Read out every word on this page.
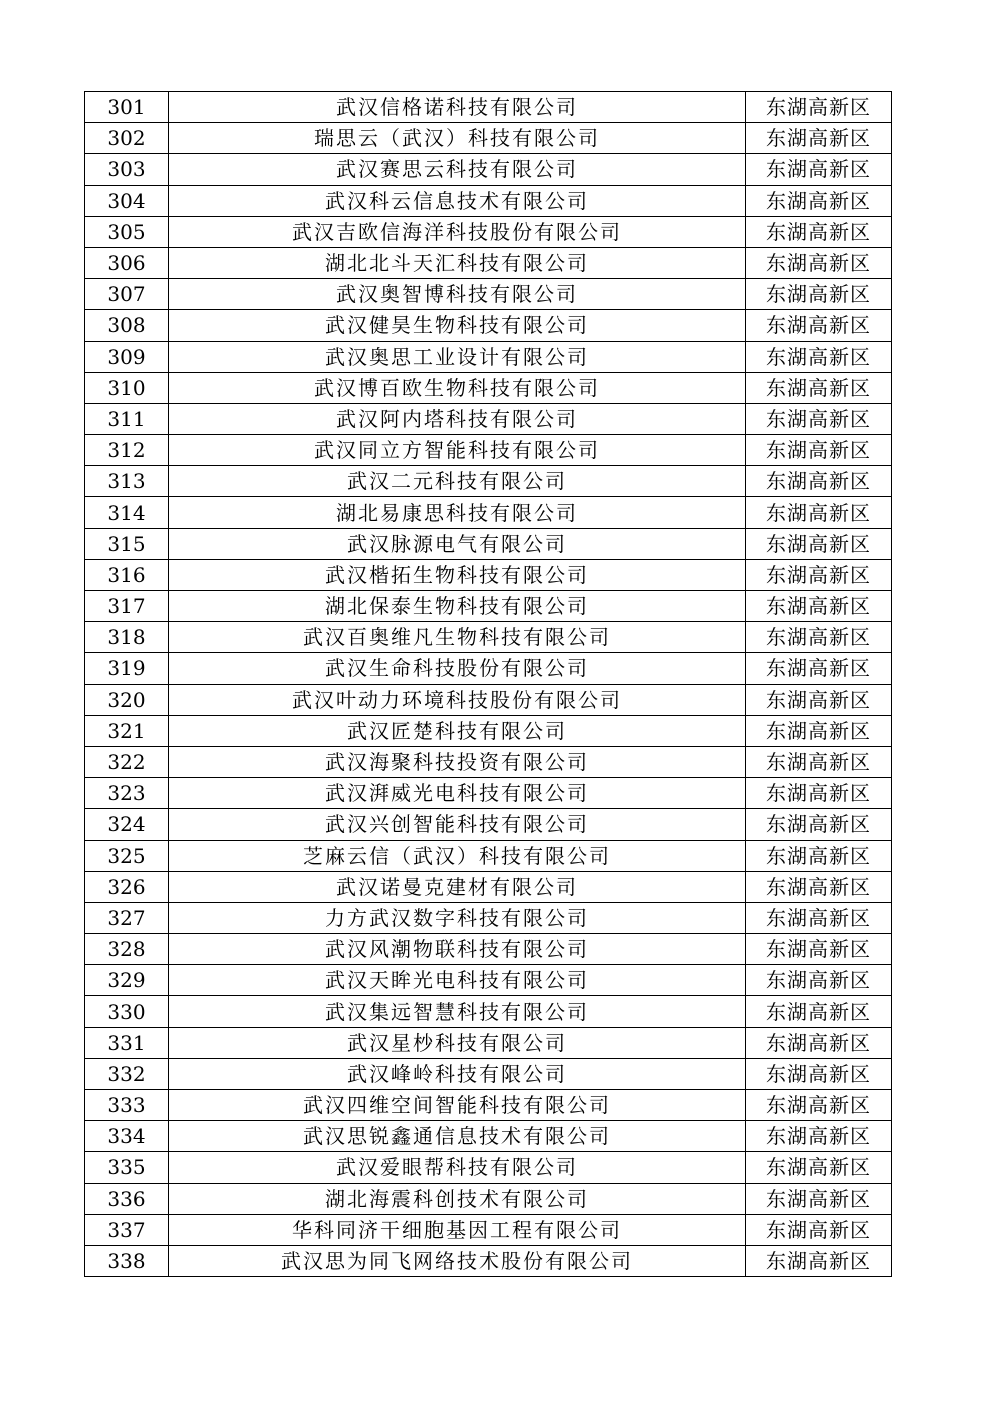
301	武汉信格诺科技有限公司	东湖高新区
302	瑞思云（武汉）科技有限公司	东湖高新区
303	武汉赛思云科技有限公司	东湖高新区
304	武汉科云信息技术有限公司	东湖高新区
305	武汉吉欧信海洋科技股份有限公司	东湖高新区
306	湖北北斗天汇科技有限公司	东湖高新区
307	武汉奥智博科技有限公司	东湖高新区
308	武汉健昊生物科技有限公司	东湖高新区
309	武汉奥思工业设计有限公司	东湖高新区
310	武汉博百欧生物科技有限公司	东湖高新区
311	武汉阿内塔科技有限公司	东湖高新区
312	武汉同立方智能科技有限公司	东湖高新区
313	武汉二元科技有限公司	东湖高新区
314	湖北易康思科技有限公司	东湖高新区
315	武汉脉源电气有限公司	东湖高新区
316	武汉楷拓生物科技有限公司	东湖高新区
317	湖北保泰生物科技有限公司	东湖高新区
318	武汉百奥维凡生物科技有限公司	东湖高新区
319	武汉生命科技股份有限公司	东湖高新区
320	武汉叶动力环境科技股份有限公司	东湖高新区
321	武汉匠楚科技有限公司	东湖高新区
322	武汉海聚科技投资有限公司	东湖高新区
323	武汉湃威光电科技有限公司	东湖高新区
324	武汉兴创智能科技有限公司	东湖高新区
325	芝麻云信（武汉）科技有限公司	东湖高新区
326	武汉诺曼克建材有限公司	东湖高新区
327	力方武汉数字科技有限公司	东湖高新区
328	武汉风潮物联科技有限公司	东湖高新区
329	武汉天眸光电科技有限公司	东湖高新区
330	武汉集远智慧科技有限公司	东湖高新区
331	武汉星杪科技有限公司	东湖高新区
332	武汉峰岭科技有限公司	东湖高新区
333	武汉四维空间智能科技有限公司	东湖高新区
334	武汉思锐鑫通信息技术有限公司	东湖高新区
335	武汉爱眼帮科技有限公司	东湖高新区
336	湖北海震科创技术有限公司	东湖高新区
337	华科同济干细胞基因工程有限公司	东湖高新区
338	武汉思为同飞网络技术股份有限公司	东湖高新区
